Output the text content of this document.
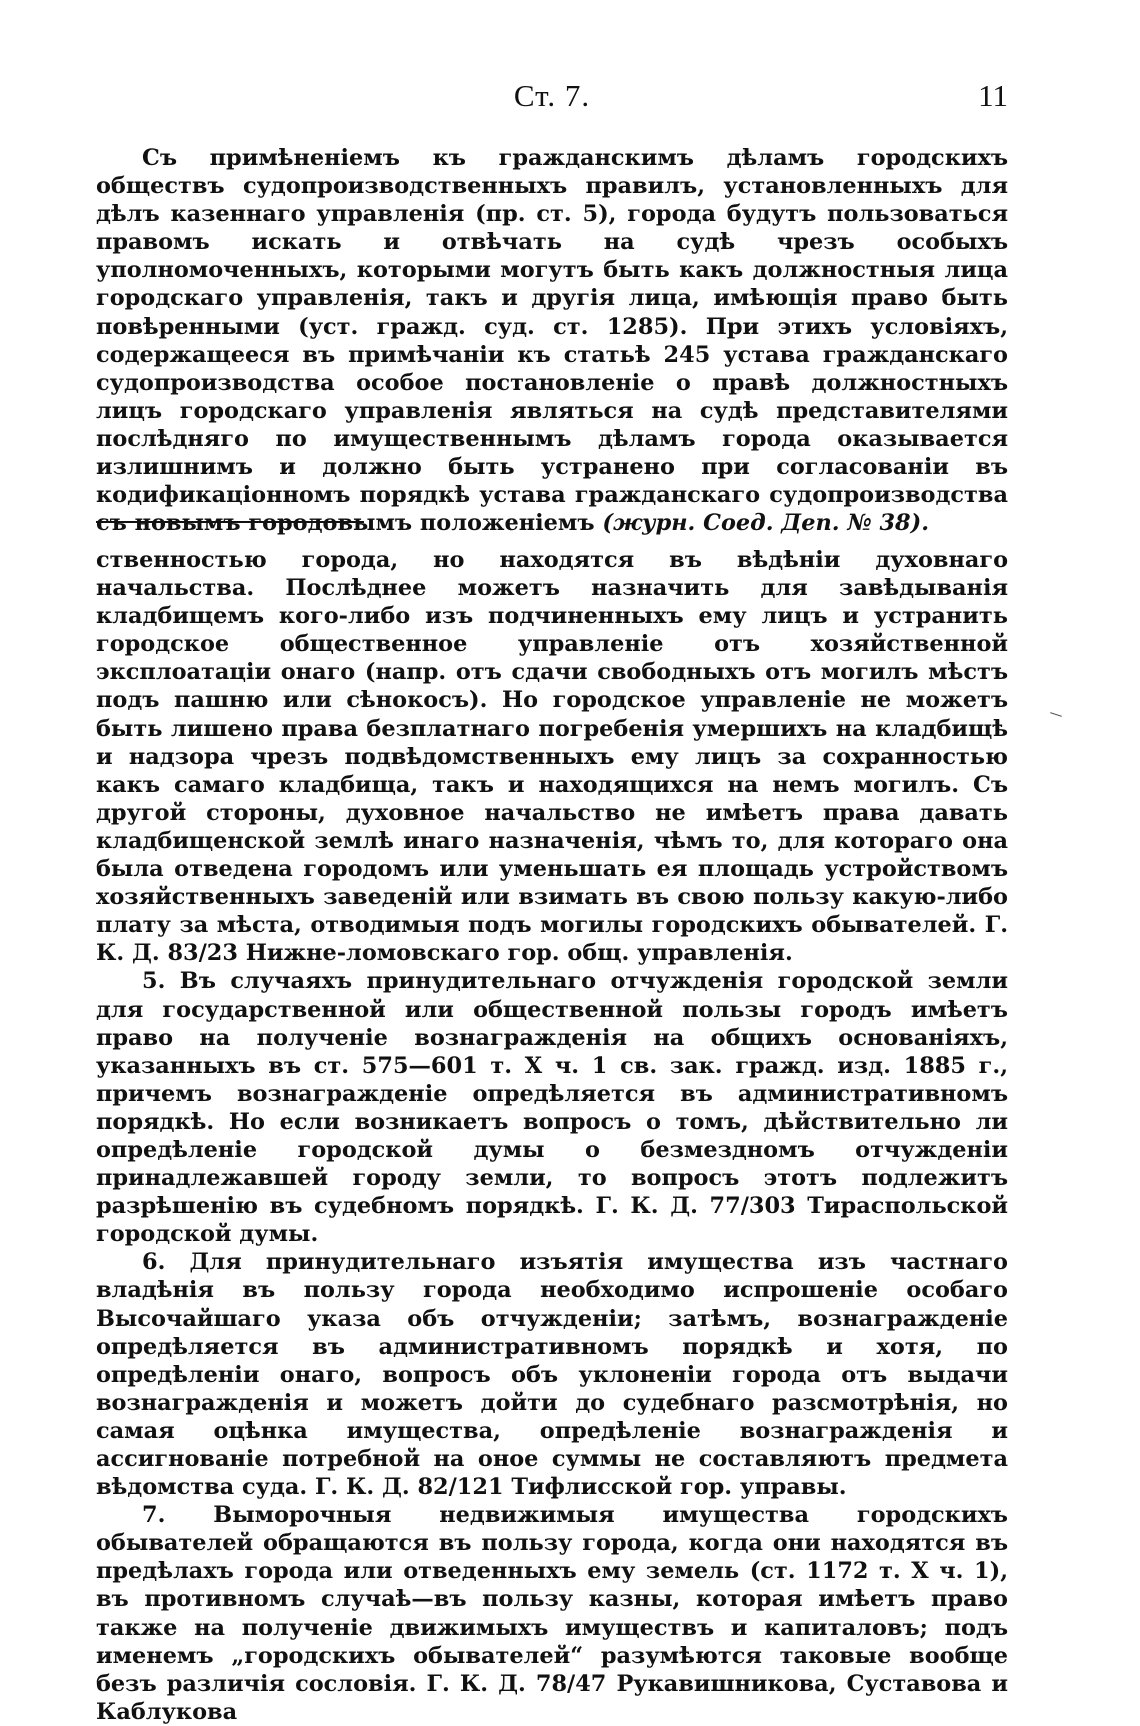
Ст. 7.	11

Съ примѣненіемъ къ гражданскимъ дѣламъ городскихъ обществъ судопроизводственныхъ правилъ, установленныхъ для дѣлъ казеннаго управленія (пр. ст. 5), города будутъ пользоваться правомъ искать и отвѣчать на судѣ чрезъ особыхъ уполномоченныхъ, которыми могутъ быть какъ должностныя лица городскаго управленія, такъ и другія лица, имѣющія право быть повѣренными (уст. гражд. суд. ст. 1285). При этихъ условіяхъ, содержащееся въ примѣчаніи къ статьѣ 245 устава гражданскаго судопроизводства особое постановленіе о правѣ должностныхъ лицъ городскаго управленія являться на судѣ представителями послѣдняго по имущественнымъ дѣламъ города оказывается излишнимъ и должно быть устранено при согласованіи въ кодификаціонномъ порядкѣ устава гражданскаго судопроизводства съ новымъ городовымъ положеніемъ (журн. Соед. Деп. № 38).

ственностью города, но находятся въ вѣдѣніи духовнаго начальства. Послѣднее можетъ назначить для завѣдыванія кладбищемъ кого-либо изъ подчиненныхъ ему лицъ и устранить городское общественное управленіе отъ хозяйственной эксплоатаціи онаго (напр. отъ сдачи свободныхъ отъ могилъ мѣстъ подъ пашню или сѣнокосъ). Но городское управленіе не можетъ быть лишено права безплатнаго погребенія умершихъ на кладбищѣ и надзора чрезъ подвѣдомственныхъ ему лицъ за сохранностью какъ самаго кладбища, такъ и находящихся на немъ могилъ. Съ другой стороны, духовное начальство не имѣетъ права давать кладбищенской землѣ инаго назначенія, чѣмъ то, для котораго она была отведена городомъ или уменьшать ея площадь устройствомъ хозяйственныхъ заведеній или взимать въ свою пользу какую-либо плату за мѣста, отводимыя подъ могилы городскихъ обывателей. Г. К. Д. 83/23 Нижне-ломовскаго гор. общ. управленія.

5. Въ случаяхъ принудительнаго отчужденія городской земли для государственной или общественной пользы городъ имѣетъ право на полученіе вознагражденія на общихъ основаніяхъ, указанныхъ въ ст. 575—601 т. X ч. 1 св. зак. гражд. изд. 1885 г., причемъ вознагражденіе опредѣляется въ административномъ порядкѣ. Но если возникаетъ вопросъ о томъ, дѣйствительно ли опредѣленіе городской думы о безмездномъ отчужденіи принадлежавшей городу земли, то вопросъ этотъ подлежитъ разрѣшенію въ судебномъ порядкѣ. Г. К. Д. 77/303 Тираспольской городской думы.

6. Для принудительнаго изъятія имущества изъ частнаго владѣнія въ пользу города необходимо испрошеніе особаго Высочайшаго указа объ отчужденіи; затѣмъ, вознагражденіе опредѣляется въ административномъ порядкѣ и хотя, по опредѣленіи онаго, вопросъ объ уклоненіи города отъ выдачи вознагражденія и можетъ дойти до судебнаго разсмотрѣнія, но самая оцѣнка имущества, опредѣленіе вознагражденія и ассигнованіе потребной на оное суммы не составляютъ предмета вѣдомства суда. Г. К. Д. 82/121 Тифлисской гор. управы.

7. Выморочныя недвижимыя имущества городскихъ обывателей обращаются въ пользу города, когда они находятся въ предѣлахъ города или отведенныхъ ему земель (ст. 1172 т. X ч. 1), въ противномъ случаѣ—въ пользу казны, которая имѣетъ право также на полученіе движимыхъ имуществъ и капиталовъ; подъ именемъ „городскихъ обывателей“ разумѣются таковые вообще безъ различія сословія. Г. К. Д. 78/47 Рукавишникова, Суставова и Каблукова
